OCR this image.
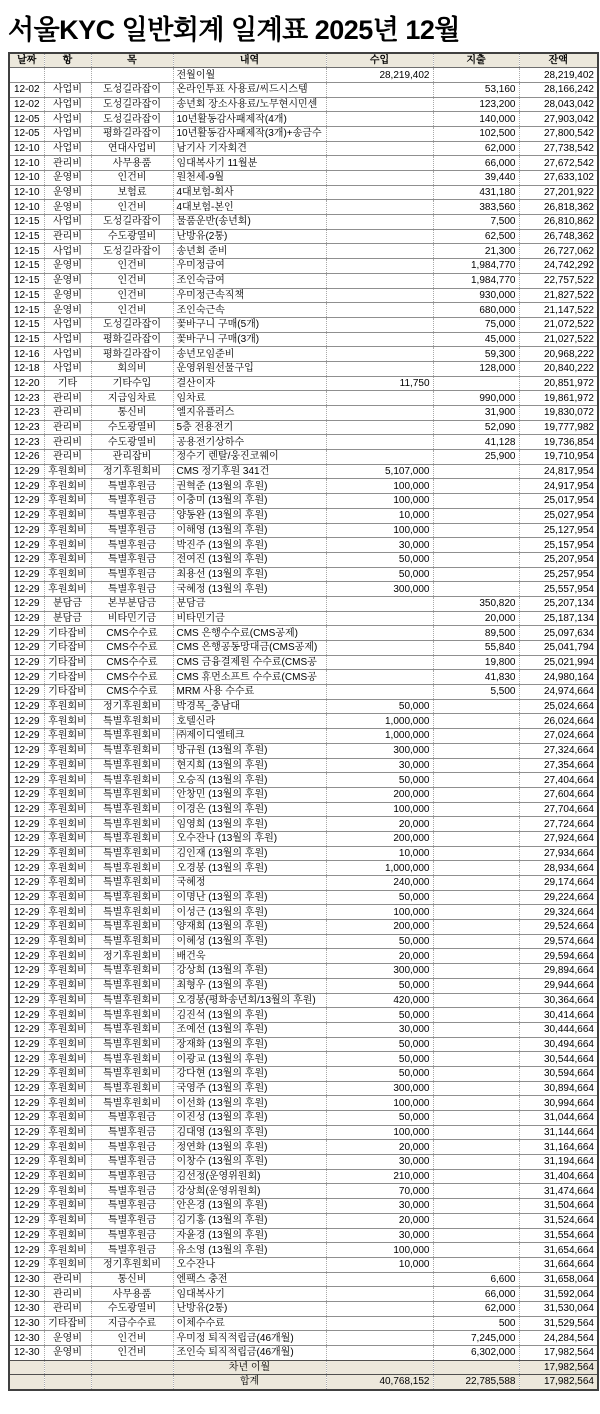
서울KYC 일반회계 일계표 2025년 12월
날짜	항	목	내역	수입	지출	잔액
			전월이월	28,219,402		28,219,402
12-02	사업비	도성길라잡이	온라인투표 사용료/씨드시스템		53,160	28,166,242
12-02	사업비	도성길라잡이	송년회 장소사용료/노무현시민센		123,200	28,043,042
12-05	사업비	도성길라잡이	10년활동감사패제작(4개)		140,000	27,903,042
12-05	사업비	평화길라잡이	10년활동감사패제작(3개)+송금수		102,500	27,800,542
12-10	사업비	연대사업비	남기사 기자회견		62,000	27,738,542
12-10	관리비	사무용품	임대복사기 11월분		66,000	27,672,542
12-10	운영비	인건비	원천세-9월		39,440	27,633,102
12-10	운영비	보험료	4대보험-회사		431,180	27,201,922
12-10	운영비	인건비	4대보험-본인		383,560	26,818,362
12-15	사업비	도성길라잡이	물품운반(송년회)		7,500	26,810,862
12-15	관리비	수도광열비	난방유(2통)		62,500	26,748,362
12-15	사업비	도성길라잡이	송년회 준비		21,300	26,727,062
12-15	운영비	인건비	우미정급여		1,984,770	24,742,292
12-15	운영비	인건비	조인숙급여		1,984,770	22,757,522
12-15	운영비	인건비	우미정근속직책		930,000	21,827,522
12-15	운영비	인건비	조인숙근속		680,000	21,147,522
12-15	사업비	도성길라잡이	꽃바구니 구매(5개)		75,000	21,072,522
12-15	사업비	평화길라잡이	꽃바구니 구매(3개)		45,000	21,027,522
12-16	사업비	평화길라잡이	송년모임준비		59,300	20,968,222
12-18	사업비	회의비	운영위원선물구입		128,000	20,840,222
12-20	기타	기타수입	결산이자	11,750		20,851,972
12-23	관리비	지급임차료	임차료		990,000	19,861,972
12-23	관리비	통신비	엘지유플러스		31,900	19,830,072
12-23	관리비	수도광열비	5층 전용전기		52,090	19,777,982
12-23	관리비	수도광열비	공용전기상하수		41,128	19,736,854
12-26	관리비	관리잡비	정수기 렌탈/웅진코웨이		25,900	19,710,954
12-29	후원회비	정기후원회비	CMS 정기후원 341건	5,107,000		24,817,954
12-29	후원회비	특별후원금	권혁준 (13월의 후원)	100,000		24,917,954
12-29	후원회비	특별후원금	이충미 (13월의 후원)	100,000		25,017,954
12-29	후원회비	특별후원금	양동완 (13월의 후원)	10,000		25,027,954
12-29	후원회비	특별후원금	이해영 (13월의 후원)	100,000		25,127,954
12-29	후원회비	특별후원금	박진주 (13월의 후원)	30,000		25,157,954
12-29	후원회비	특별후원금	전여진 (13월의 후원)	50,000		25,207,954
12-29	후원회비	특별후원금	최용선 (13월의 후원)	50,000		25,257,954
12-29	후원회비	특별후원금	국혜정 (13월의 후원)	300,000		25,557,954
12-29	분담금	본부분담금	분담금		350,820	25,207,134
12-29	분담금	비타민기금	비타민기금		20,000	25,187,134
12-29	기타잡비	CMS수수료	CMS 은행수수료(CMS공제)		89,500	25,097,634
12-29	기타잡비	CMS수수료	CMS 은행공동망대금(CMS공제)		55,840	25,041,794
12-29	기타잡비	CMS수수료	CMS 금융결제원 수수료(CMS공		19,800	25,021,994
12-29	기타잡비	CMS수수료	CMS 휴먼소프트 수수료(CMS공		41,830	24,980,164
12-29	기타잡비	CMS수수료	MRM 사용 수수료		5,500	24,974,664
12-29	후원회비	정기후원회비	박경목_충남대	50,000		25,024,664
12-29	후원회비	특별후원회비	호텔신라	1,000,000		26,024,664
12-29	후원회비	특별후원회비	㈜제이디엘테크	1,000,000		27,024,664
12-29	후원회비	특별후원회비	방규원 (13월의 후원)	300,000		27,324,664
12-29	후원회비	특별후원회비	현지희 (13월의 후원)	30,000		27,354,664
12-29	후원회비	특별후원회비	오승직 (13월의 후원)	50,000		27,404,664
12-29	후원회비	특별후원회비	안창민 (13월의 후원)	200,000		27,604,664
12-29	후원회비	특별후원회비	이경은 (13월의 후원)	100,000		27,704,664
12-29	후원회비	특별후원회비	임영희 (13월의 후원)	20,000		27,724,664
12-29	후원회비	특별후원회비	오수잔나 (13월의 후원)	200,000		27,924,664
12-29	후원회비	특별후원회비	김인재 (13월의 후원)	10,000		27,934,664
12-29	후원회비	특별후원회비	오경봉 (13월의 후원)	1,000,000		28,934,664
12-29	후원회비	특별후원회비	국혜정	240,000		29,174,664
12-29	후원회비	특별후원회비	이명난 (13월의 후원)	50,000		29,224,664
12-29	후원회비	특별후원회비	이성근 (13월의 후원)	100,000		29,324,664
12-29	후원회비	특별후원회비	양재희 (13월의 후원)	200,000		29,524,664
12-29	후원회비	특별후원회비	이혜성 (13월의 후원)	50,000		29,574,664
12-29	후원회비	정기후원회비	배건욱	20,000		29,594,664
12-29	후원회비	특별후원회비	강상희 (13월의 후원)	300,000		29,894,664
12-29	후원회비	특별후원회비	최형우 (13월의 후원)	50,000		29,944,664
12-29	후원회비	특별후원회비	오경봉(평화송년회/13월의 후원)	420,000		30,364,664
12-29	후원회비	특별후원회비	김진석 (13월의 후원)	50,000		30,414,664
12-29	후원회비	특별후원회비	조예선 (13월의 후원)	30,000		30,444,664
12-29	후원회비	특별후원회비	장재화 (13월의 후원)	50,000		30,494,664
12-29	후원회비	특별후원회비	이광교 (13월의 후원)	50,000		30,544,664
12-29	후원회비	특별후원회비	강다현 (13월의 후원)	50,000		30,594,664
12-29	후원회비	특별후원회비	국영주 (13월의 후원)	300,000		30,894,664
12-29	후원회비	특별후원회비	이선화 (13월의 후원)	100,000		30,994,664
12-29	후원회비	특별후원금	이진성 (13월의 후원)	50,000		31,044,664
12-29	후원회비	특별후원금	김대영 (13월의 후원)	100,000		31,144,664
12-29	후원회비	특별후원금	정연화 (13월의 후원)	20,000		31,164,664
12-29	후원회비	특별후원금	이창수 (13월의 후원)	30,000		31,194,664
12-29	후원회비	특별후원금	김선정(운영위원회)	210,000		31,404,664
12-29	후원회비	특별후원금	강상희(운영위원회)	70,000		31,474,664
12-29	후원회비	특별후원금	안은경 (13월의 후원)	30,000		31,504,664
12-29	후원회비	특별후원금	김기홍 (13월의 후원)	20,000		31,524,664
12-29	후원회비	특별후원금	자윤경 (13월의 후원)	30,000		31,554,664
12-29	후원회비	특별후원금	유소영 (13월의 후원)	100,000		31,654,664
12-29	후원회비	정기후원회비	오수잔나	10,000		31,664,664
12-30	관리비	통신비	엔팩스 충전		6,600	31,658,064
12-30	관리비	사무용품	임대복사기		66,000	31,592,064
12-30	관리비	수도광열비	난방유(2통)		62,000	31,530,064
12-30	기타잡비	지급수수료	이체수수료		500	31,529,564
12-30	운영비	인건비	우미정 퇴직적립금(46개월)		7,245,000	24,284,564
12-30	운영비	인건비	조인숙 퇴직적립금(46개월)		6,302,000	17,982,564
			차년 이월			17,982,564
			합계	40,768,152	22,785,588	17,982,564
